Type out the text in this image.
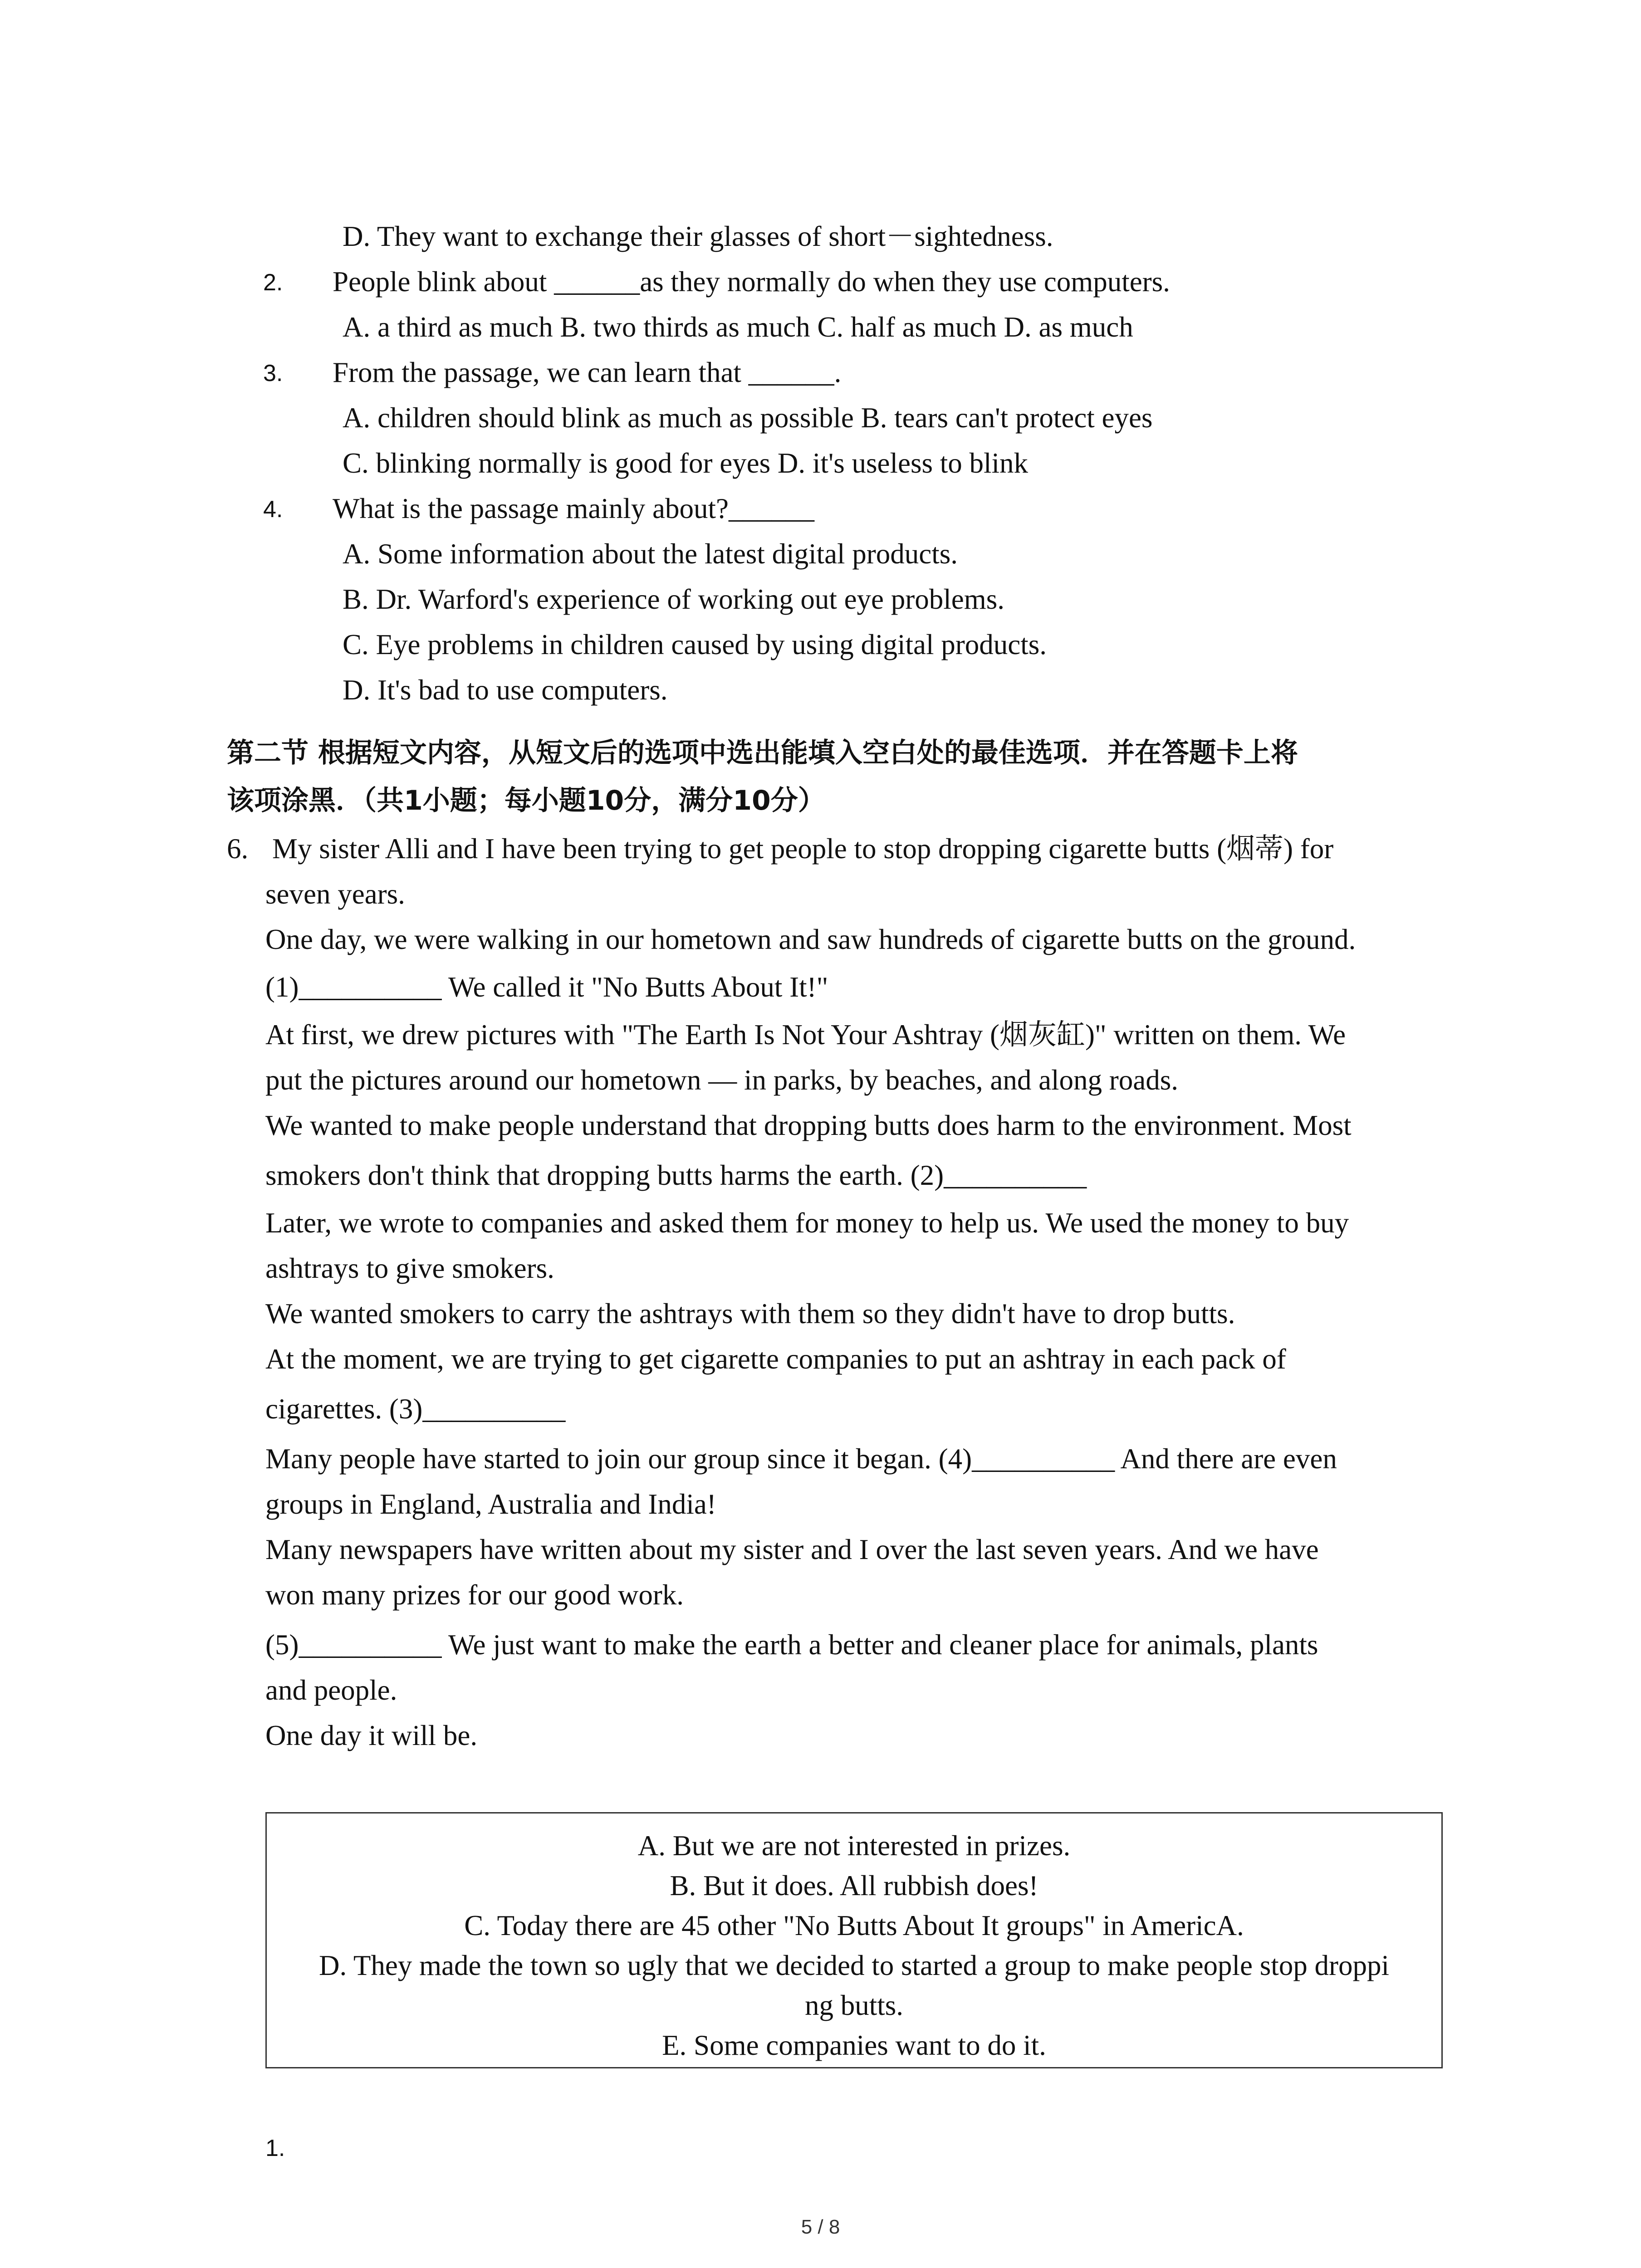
D. They want to exchange their glasses of short－sightedness.
2. People blink about ______as they normally do when they use computers.
A. a third as much B. two thirds as much C. half as much D. as much
3. From the passage, we can learn that ______.
A. children should blink as much as possible B. tears can't protect eyes
C. blinking normally is good for eyes D. it's useless to blink
4. What is the passage mainly about?______
A. Some information about the latest digital products.
B. Dr. Warford's experience of working out eye problems.
C. Eye problems in children caused by using digital products.
D. It's bad to use computers.
第二节 根据短文内容，从短文后的选项中选出能填入空白处的最佳选项．并在答题卡上将
该项涂黑．（共1小题；每小题10分，满分10分）
6. My sister Alli and I have been trying to get people to stop dropping cigarette butts (烟蒂) for
seven years.
One day, we were walking in our hometown and saw hundreds of cigarette butts on the ground.
(1)__________ We called it "No Butts About It!"
At first, we drew pictures with "The Earth Is Not Your Ashtray (烟灰缸)" written on them. We
put the pictures around our hometown — in parks, by beaches, and along roads.
We wanted to make people understand that dropping butts does harm to the environment. Most
smokers don't think that dropping butts harms the earth. (2)__________
Later, we wrote to companies and asked them for money to help us. We used the money to buy
ashtrays to give smokers.
We wanted smokers to carry the ashtrays with them so they didn't have to drop butts.
At the moment, we are trying to get cigarette companies to put an ashtray in each pack of
cigarettes. (3)__________
Many people have started to join our group since it began. (4)__________ And there are even
groups in England, Australia and India!
Many newspapers have written about my sister and I over the last seven years. And we have
won many prizes for our good work.
(5)__________ We just want to make the earth a better and cleaner place for animals, plants
and people.
One day it will be.
A. But we are not interested in prizes.
B. But it does. All rubbish does!
C. Today there are 45 other "No Butts About It groups" in AmericA.
D. They made the town so ugly that we decided to started a group to make people stop droppi
ng butts.
E. Some companies want to do it.
1.
5 / 8
